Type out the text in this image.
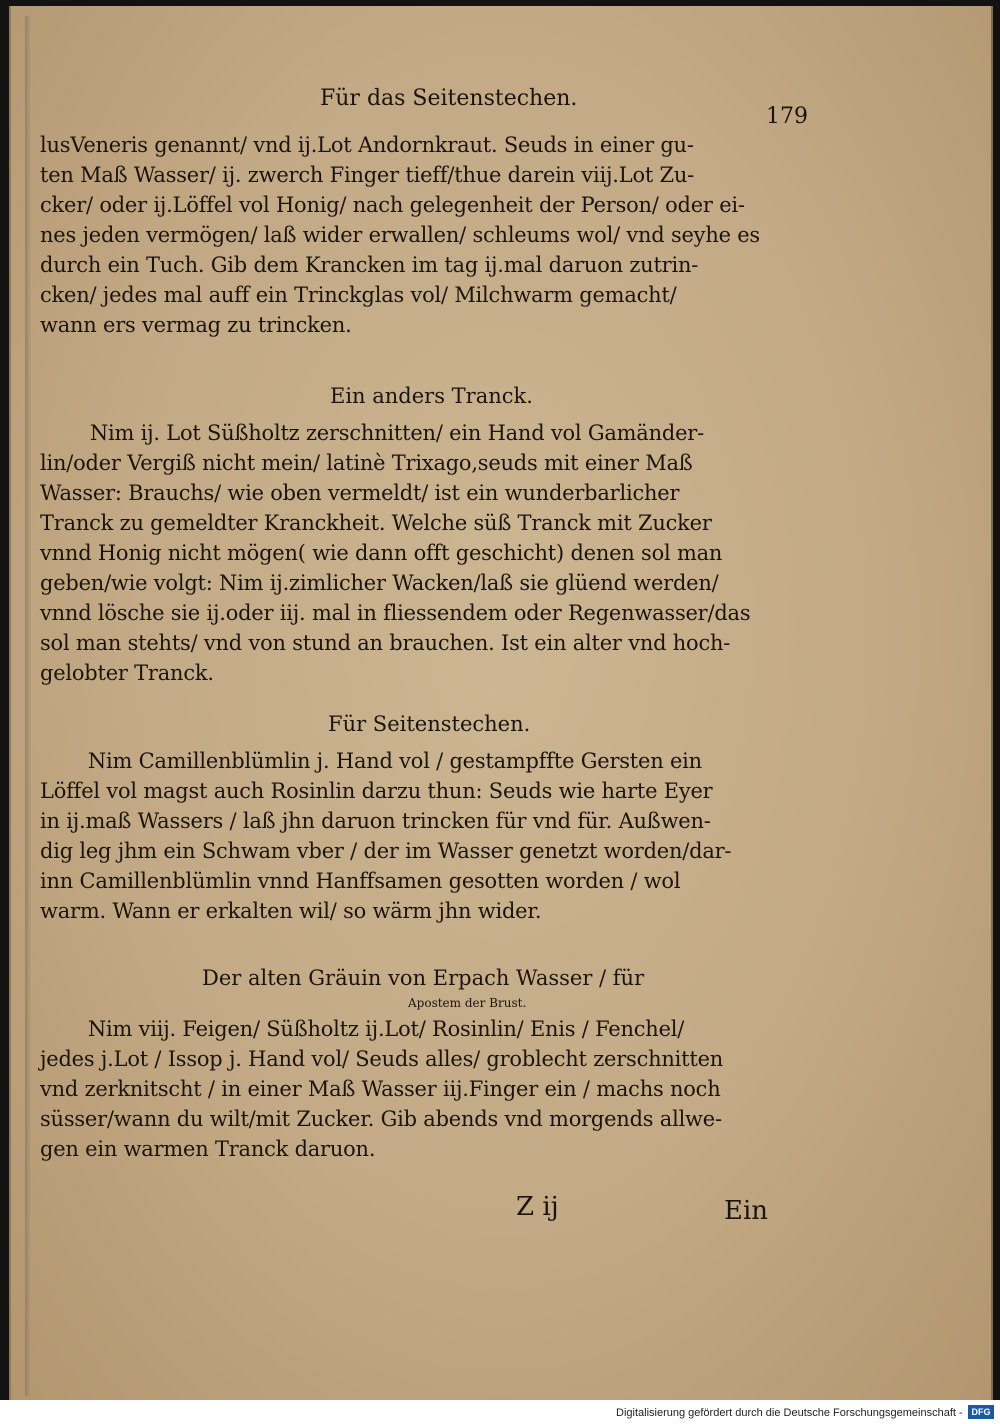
Für das Seitenstechen.
179
lusVeneris genannt/ vnd ij.Lot Andornkraut. Seuds in einer gu-
ten Maß Wasser/ ij. zwerch Finger tieff/thue darein viij.Lot Zu-
cker/ oder ij.Löffel vol Honig/ nach gelegenheit der Person/ oder ei-
nes jeden vermögen/ laß wider erwallen/ schleums wol/ vnd seyhe es
durch ein Tuch. Gib dem Krancken im tag ij.mal daruon zutrin-
cken/ jedes mal auff ein Trinckglas vol/ Milchwarm gemacht/
wann ers vermag zu trincken.
Ein anders Tranck.
Nim ij. Lot Süßholtz zerschnitten/ ein Hand vol Gamänder-
lin/oder Vergiß nicht mein/ latinè Trixago,seuds mit einer Maß
Wasser: Brauchs/ wie oben vermeldt/ ist ein wunderbarlicher
Tranck zu gemeldter Kranckheit. Welche süß Tranck mit Zucker
vnnd Honig nicht mögen( wie dann offt geschicht) denen sol man
geben/wie volgt: Nim ij.zimlicher Wacken/laß sie glüend werden/
vnnd lösche sie ij.oder iij. mal in fliessendem oder Regenwasser/das
sol man stehts/ vnd von stund an brauchen. Ist ein alter vnd hoch-
gelobter Tranck.
Für Seitenstechen.
Nim Camillenblümlin j. Hand vol / gestampffte Gersten ein
Löffel vol magst auch Rosinlin darzu thun: Seuds wie harte Eyer
in ij.maß Wassers / laß jhn daruon trincken für vnd für. Außwen-
dig leg jhm ein Schwam vber / der im Wasser genetzt worden/dar-
inn Camillenblümlin vnnd Hanffsamen gesotten worden / wol
warm. Wann er erkalten wil/ so wärm jhn wider.
Der alten Gräuin von Erpach Wasser / für
Apostem der Brust.
Nim viij. Feigen/ Süßholtz ij.Lot/ Rosinlin/ Enis / Fenchel/
jedes j.Lot / Issop j. Hand vol/ Seuds alles/ groblecht zerschnitten
vnd zerknitscht / in einer Maß Wasser iij.Finger ein / machs noch
süsser/wann du wilt/mit Zucker. Gib abends vnd morgends allwe-
gen ein warmen Tranck daruon.
Z ij	Ein
Digitalisierung gefördert durch die Deutsche Forschungsgemeinschaft - DFG
